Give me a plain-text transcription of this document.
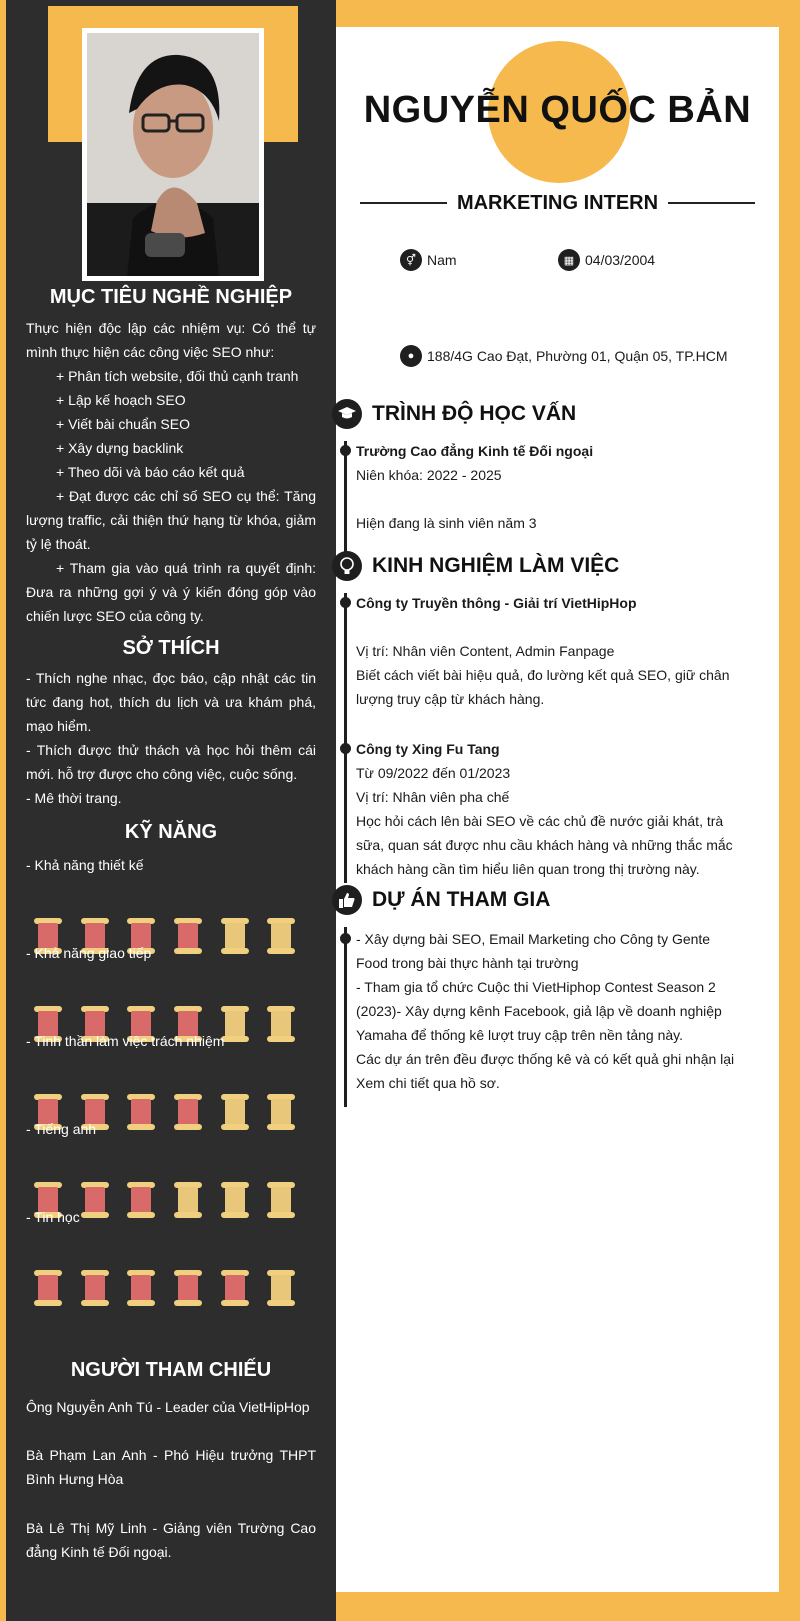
MỤC TIÊU NGHỀ NGHIỆP
Thực hiện độc lập các nhiệm vụ: Có thể tự mình thực hiện các công việc SEO như:
+ Phân tích website, đối thủ cạnh tranh
+ Lập kế hoạch SEO
+ Viết bài chuẩn SEO
+ Xây dựng backlink
+ Theo dõi và báo cáo kết quả
+ Đạt được các chỉ số SEO cụ thể: Tăng lượng traffic, cải thiện thứ hạng từ khóa, giảm tỷ lệ thoát.
+ Tham gia vào quá trình ra quyết định: Đưa ra những gợi ý và ý kiến đóng góp vào chiến lược SEO của công ty.
SỞ THÍCH
- Thích nghe nhạc, đọc báo, cập nhật các tin tức đang hot, thích du lịch và ưa khám phá, mạo hiểm.
- Thích được thử thách và học hỏi thêm cái mới. hỗ trợ được cho công việc, cuộc sống.
- Mê thời trang.
KỸ NĂNG
- Khả năng thiết kế
- Khả năng giao tiếp
- Tinh thần làm việc trách nhiệm
- Tiếng anh
- Tin học
NGƯỜI THAM CHIẾU
Ông Nguyễn Anh Tú - Leader của VietHipHop
Bà Phạm Lan Anh - Phó Hiệu trưởng THPT Bình Hưng Hòa
Bà Lê Thị Mỹ Linh - Giảng viên Trường Cao đẳng Kinh tế Đối ngoại.
NGUYỄN QUỐC BẢN
MARKETING INTERN
⚥ Nam	▦ 04/03/2004
● 188/4G Cao Đạt, Phường 01, Quận 05, TP.HCM
TRÌNH ĐỘ HỌC VẤN
Trường Cao đẳng Kinh tế Đối ngoại
Niên khóa: 2022 - 2025

Hiện đang là sinh viên năm 3
KINH NGHIỆM LÀM VIỆC
Công ty Truyền thông - Giải trí VietHipHop

Vị trí: Nhân viên Content, Admin Fanpage
Biết cách viết bài hiệu quả, đo lường kết quả SEO, giữ chân lượng truy cập từ khách hàng.
Công ty Xing Fu Tang
Từ 09/2022 đến 01/2023
Vị trí: Nhân viên pha chế
Học hỏi cách lên bài SEO về các chủ đề nước giải khát, trà sữa, quan sát được nhu cầu khách hàng và những thắc mắc khách hàng cần tìm hiểu liên quan trong thị trường này.
DỰ ÁN THAM GIA
- Xây dựng bài SEO, Email Marketing cho Công ty Gente Food trong bài thực hành tại trường
- Tham gia tổ chức Cuộc thi VietHiphop Contest Season 2 (2023)- Xây dựng kênh Facebook, giả lập về doanh nghiệp Yamaha để thống kê lượt truy cập trên nền tảng này.
Các dự án trên đều được thống kê và có kết quả ghi nhận lại
Xem chi tiết qua hồ sơ.
